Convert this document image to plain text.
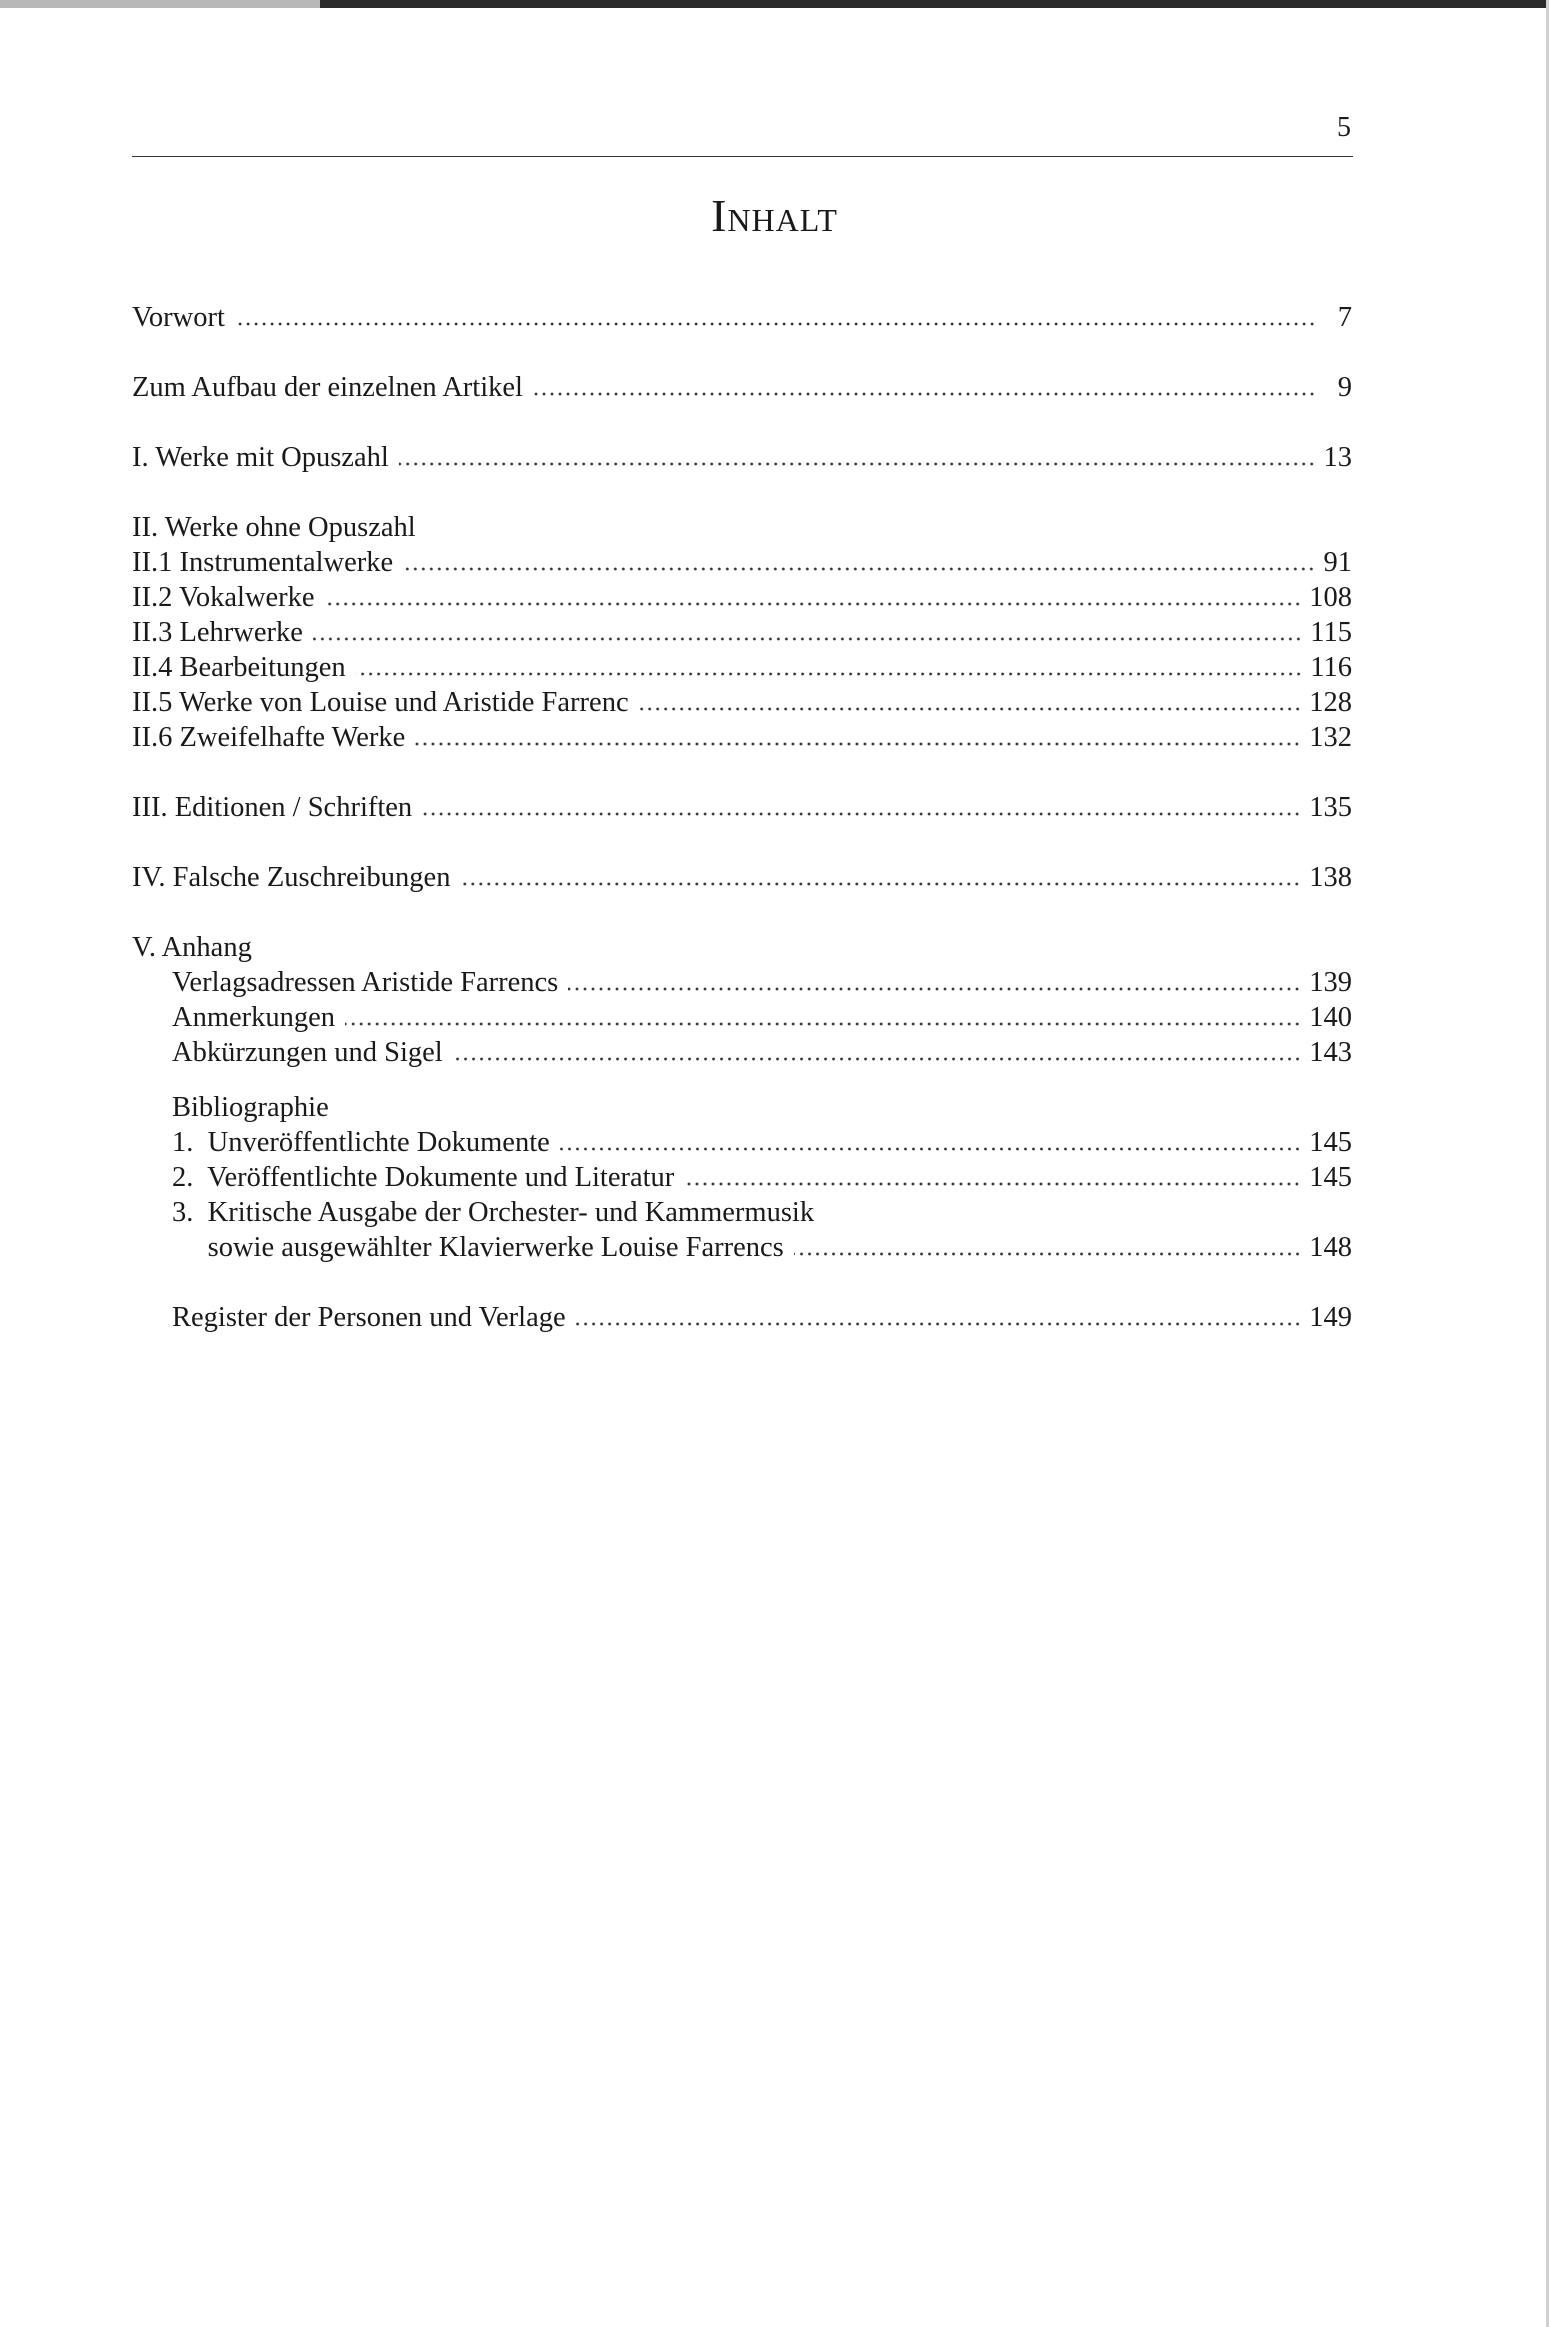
5
Inhalt
Vorwort	7
Zum Aufbau der einzelnen Artikel	9
I. Werke mit Opuszahl	13
II. Werke ohne Opuszahl
II.1 Instrumentalwerke	91
II.2 Vokalwerke	108
II.3 Lehrwerke	115
II.4 Bearbeitungen	116
II.5 Werke von Louise und Aristide Farrenc	128
II.6 Zweifelhafte Werke	132
III. Editionen / Schriften	135
IV. Falsche Zuschreibungen	138
V. Anhang
Verlagsadressen Aristide Farrencs	139
Anmerkungen	140
Abkürzungen und Sigel	143
Bibliographie
1.  Unveröffentlichte Dokumente	145
2.  Veröffentlichte Dokumente und Literatur	145
3.  Kritische Ausgabe der Orchester- und Kammermusik
sowie ausgewählter Klavierwerke Louise Farrencs	148
Register der Personen und Verlage	149
